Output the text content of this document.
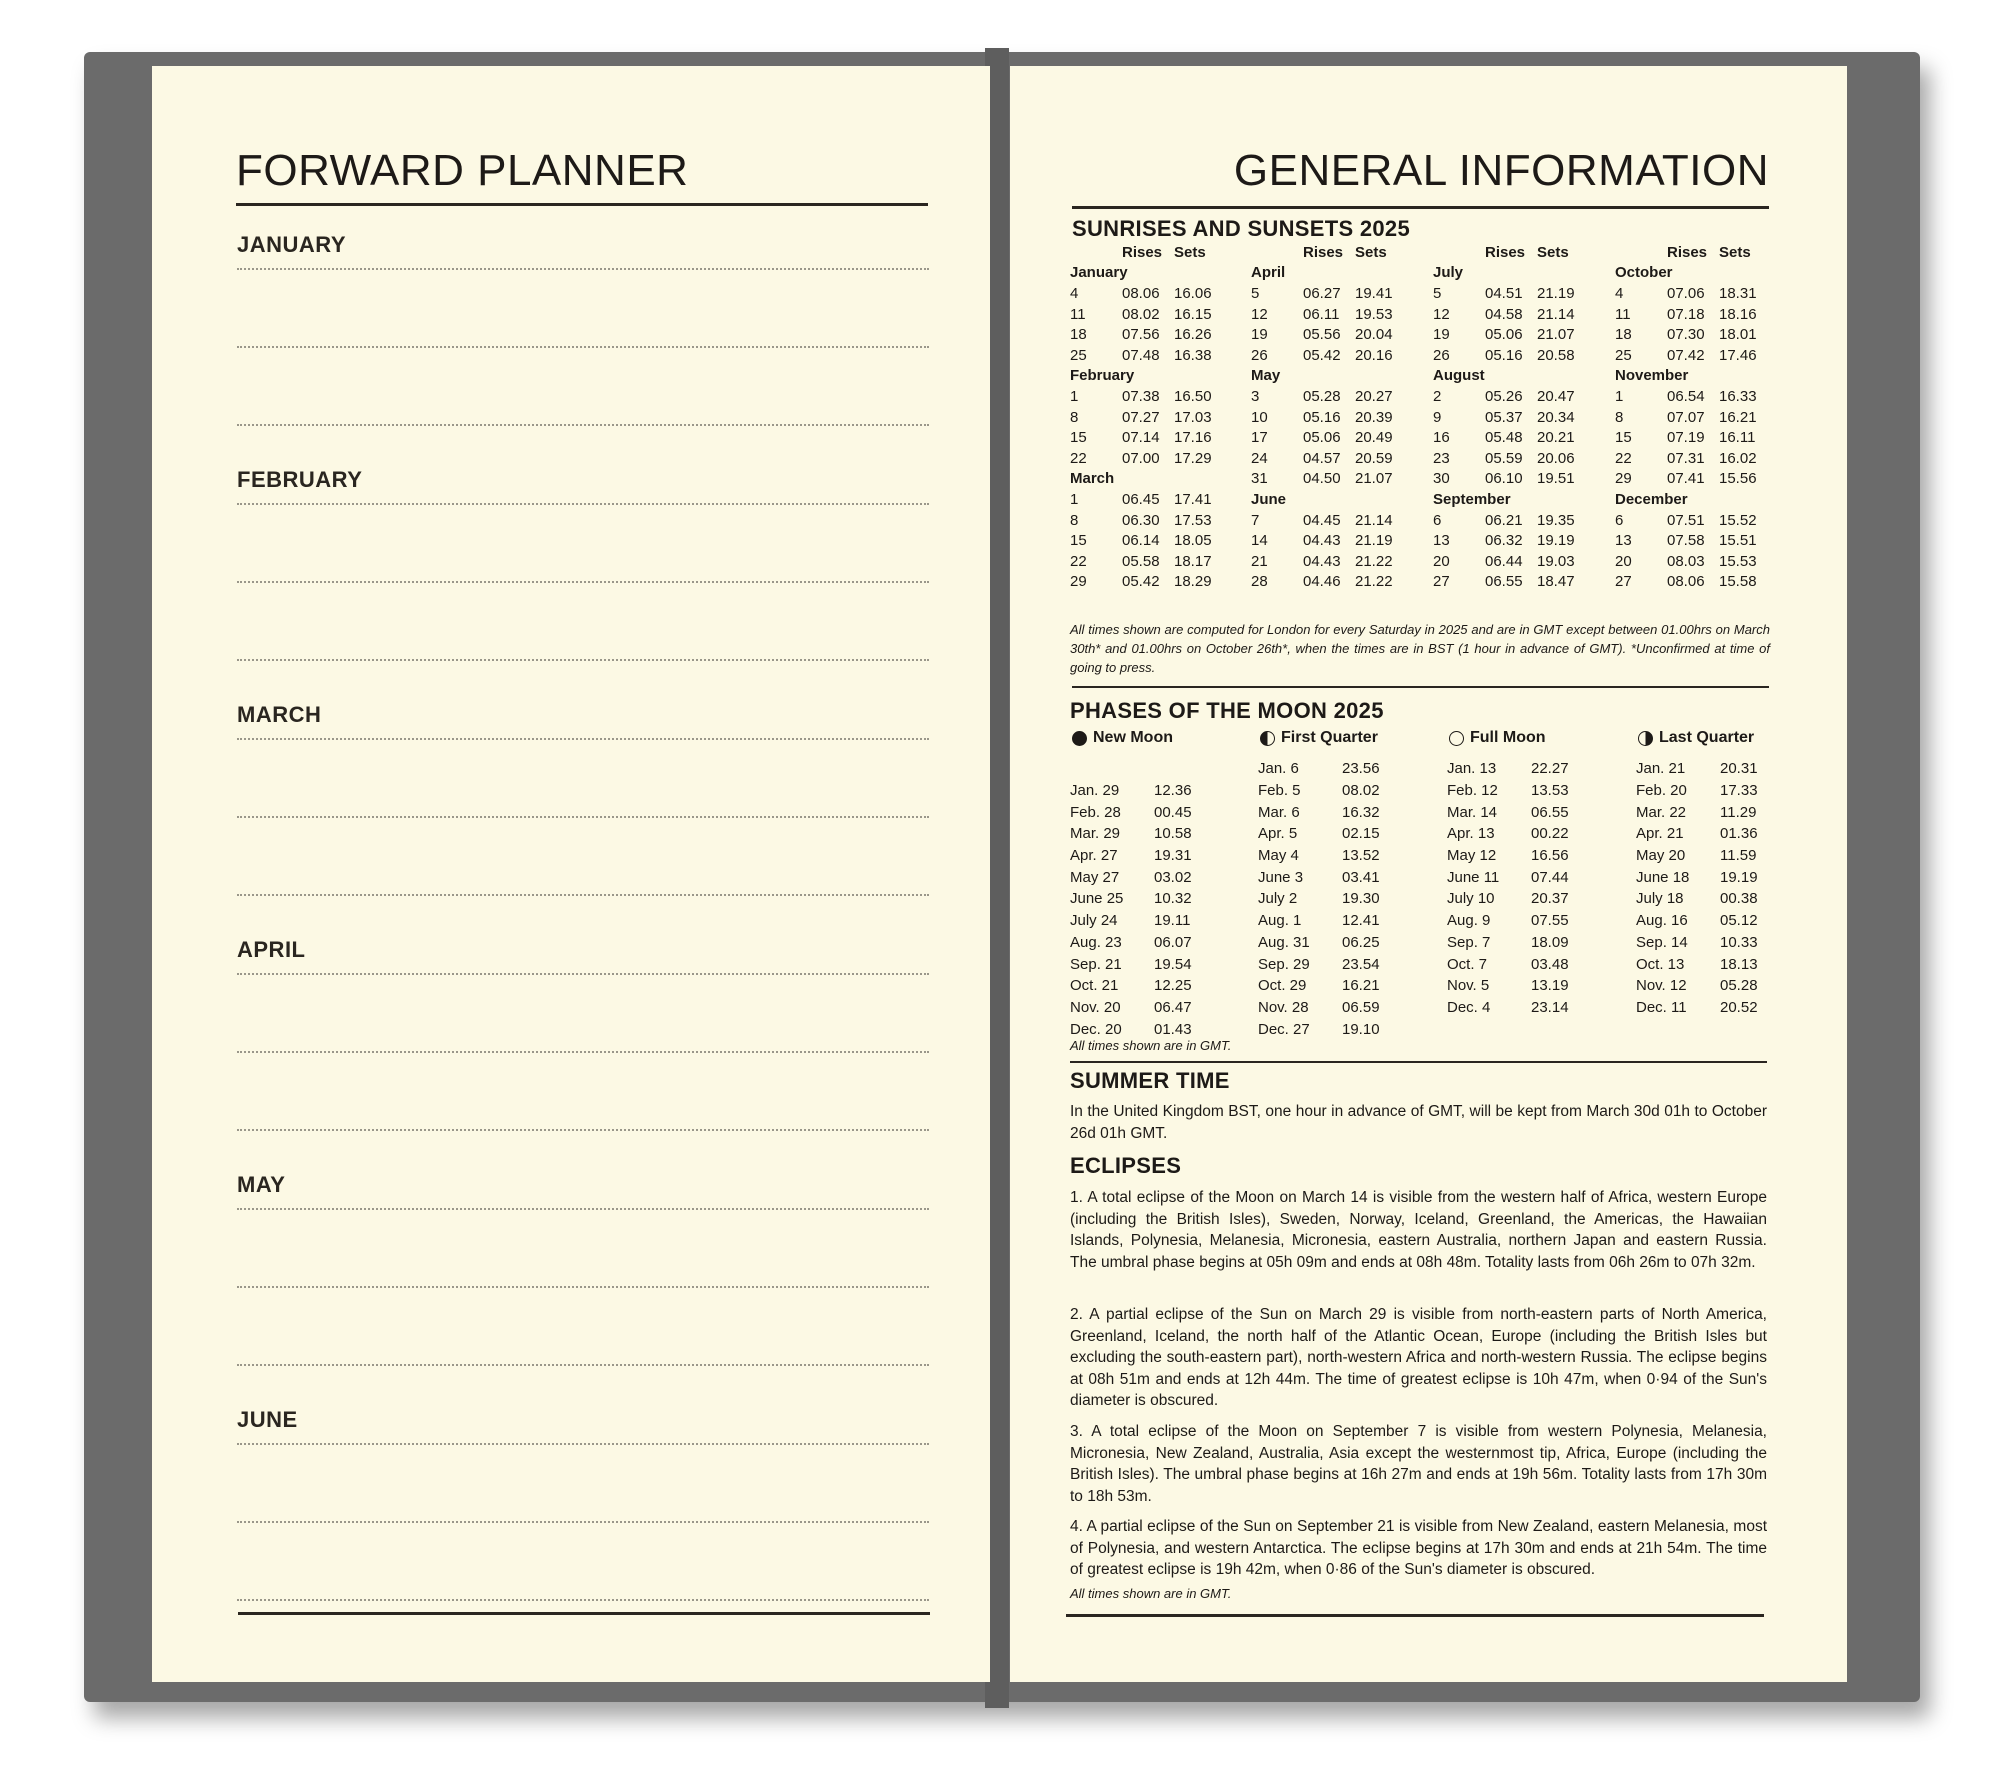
FORWARD PLANNER
JANUARY
FEBRUARY
MARCH
APRIL
MAY
JUNE
GENERAL INFORMATION
SUNRISES AND SUNSETS 2025
	Rises	Sets
January		
4	08.06	16.06
11	08.02	16.15
18	07.56	16.26
25	07.48	16.38
February		
1	07.38	16.50
8	07.27	17.03
15	07.14	17.16
22	07.00	17.29
March		
1	06.45	17.41
8	06.30	17.53
15	06.14	18.05
22	05.58	18.17
29	05.42	18.29
	Rises	Sets
April		
5	06.27	19.41
12	06.11	19.53
19	05.56	20.04
26	05.42	20.16
May		
3	05.28	20.27
10	05.16	20.39
17	05.06	20.49
24	04.57	20.59
31	04.50	21.07
June		
7	04.45	21.14
14	04.43	21.19
21	04.43	21.22
28	04.46	21.22
	Rises	Sets
July		
5	04.51	21.19
12	04.58	21.14
19	05.06	21.07
26	05.16	20.58
August		
2	05.26	20.47
9	05.37	20.34
16	05.48	20.21
23	05.59	20.06
30	06.10	19.51
September		
6	06.21	19.35
13	06.32	19.19
20	06.44	19.03
27	06.55	18.47
	Rises	Sets
October		
4	07.06	18.31
11	07.18	18.16
18	07.30	18.01
25	07.42	17.46
November		
1	06.54	16.33
8	07.07	16.21
15	07.19	16.11
22	07.31	16.02
29	07.41	15.56
December		
6	07.51	15.52
13	07.58	15.51
20	08.03	15.53
27	08.06	15.58
All times shown are computed for London for every Saturday in 2025 and are in GMT except between 01.00hrs on March 30th* and 01.00hrs on October 26th*, when the times are in BST (1 hour in advance of GMT). *Unconfirmed at time of going to press.
PHASES OF THE MOON 2025
New Moon

Jan. 29	12.36
Feb. 28	00.45
Mar. 29	10.58
Apr. 27	19.31
May 27	03.02
June 25	10.32
July 24	19.11
Aug. 23	06.07
Sep. 21	19.54
Oct. 21	12.25
Nov. 20	06.47
Dec. 20	01.43
First Quarter
Jan. 6	23.56
Feb. 5	08.02
Mar. 6	16.32
Apr. 5	02.15
May 4	13.52
June 3	03.41
July 2	19.30
Aug. 1	12.41
Aug. 31	06.25
Sep. 29	23.54
Oct. 29	16.21
Nov. 28	06.59
Dec. 27	19.10
Full Moon
Jan. 13	22.27
Feb. 12	13.53
Mar. 14	06.55
Apr. 13	00.22
May 12	16.56
June 11	07.44
July 10	20.37
Aug. 9	07.55
Sep. 7	18.09
Oct. 7	03.48
Nov. 5	13.19
Dec. 4	23.14
Last Quarter
Jan. 21	20.31
Feb. 20	17.33
Mar. 22	11.29
Apr. 21	01.36
May 20	11.59
June 18	19.19
July 18	00.38
Aug. 16	05.12
Sep. 14	10.33
Oct. 13	18.13
Nov. 12	05.28
Dec. 11	20.52
All times shown are in GMT.
SUMMER TIME
In the United Kingdom BST, one hour in advance of GMT, will be kept from March 30d 01h to October 26d 01h GMT.
ECLIPSES
1. A total eclipse of the Moon on March 14 is visible from the western half of Africa, western Europe (including the British Isles), Sweden, Norway, Iceland, Greenland, the Americas, the Hawaiian Islands, Polynesia, Melanesia, Micronesia, eastern Australia, northern Japan and eastern Russia. The umbral phase begins at 05h 09m and ends at 08h 48m. Totality lasts from 06h 26m to 07h 32m.
2. A partial eclipse of the Sun on March 29 is visible from north-eastern parts of North America, Greenland, Iceland, the north half of the Atlantic Ocean, Europe (including the British Isles but excluding the south-eastern part), north-western Africa and north-western Russia. The eclipse begins at 08h 51m and ends at 12h 44m. The time of greatest eclipse is 10h 47m, when 0·94 of the Sun's diameter is obscured.
3. A total eclipse of the Moon on September 7 is visible from western Polynesia, Melanesia, Micronesia, New Zealand, Australia, Asia except the westernmost tip, Africa, Europe (including the British Isles). The umbral phase begins at 16h 27m and ends at 19h 56m. Totality lasts from 17h 30m to 18h 53m.
4. A partial eclipse of the Sun on September 21 is visible from New Zealand, eastern Melanesia, most of Polynesia, and western Antarctica. The eclipse begins at 17h 30m and ends at 21h 54m. The time of greatest eclipse is 19h 42m, when 0·86 of the Sun's diameter is obscured.
All times shown are in GMT.
